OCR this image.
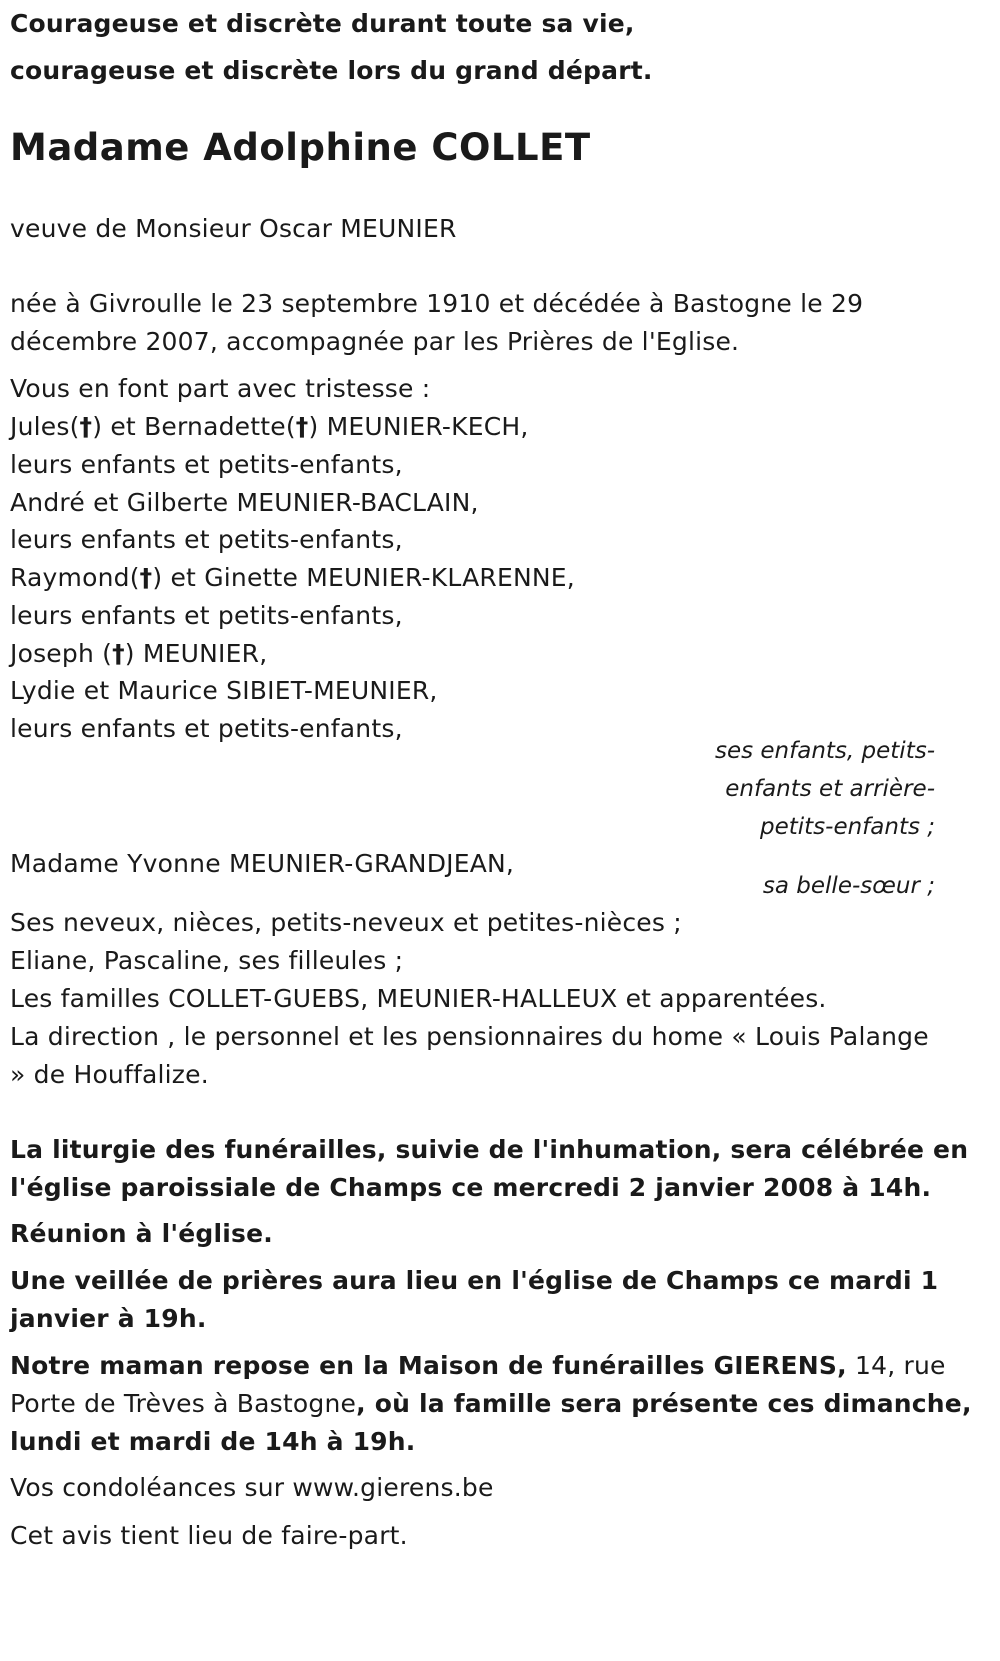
Courageuse et discrète durant toute sa vie,
courageuse et discrète lors du grand départ.
Madame Adolphine COLLET
veuve de Monsieur Oscar MEUNIER
née à Givroulle le 23 septembre 1910 et décédée à Bastogne le 29
décembre 2007, accompagnée par les Prières de l'Eglise.
Vous en font part avec tristesse :
Jules(†) et Bernadette(†) MEUNIER-KECH,
leurs enfants et petits-enfants,
André et Gilberte MEUNIER-BACLAIN,
leurs enfants et petits-enfants,
Raymond(†) et Ginette MEUNIER-KLARENNE,
leurs enfants et petits-enfants,
Joseph (†) MEUNIER,
Lydie et Maurice SIBIET-MEUNIER,
leurs enfants et petits-enfants,
ses enfants, petits-
enfants et arrière-
petits-enfants ;
Madame Yvonne MEUNIER-GRANDJEAN,
sa belle-sœur ;
Ses neveux, nièces, petits-neveux et petites-nièces ;
Eliane, Pascaline, ses filleules ;
Les familles COLLET-GUEBS, MEUNIER-HALLEUX et apparentées.
La direction , le personnel et les pensionnaires du home « Louis Palange
» de Houffalize.
La liturgie des funérailles, suivie de l'inhumation, sera célébrée en
l'église paroissiale de Champs ce mercredi 2 janvier 2008 à 14h.
Réunion à l'église.
Une veillée de prières aura lieu en l'église de Champs ce mardi 1
janvier à 19h.
Notre maman repose en la Maison de funérailles GIERENS, 14, rue
Porte de Trèves à Bastogne, où la famille sera présente ces dimanche,
lundi et mardi de 14h à 19h.
Vos condoléances sur www.gierens.be
Cet avis tient lieu de faire-part.
